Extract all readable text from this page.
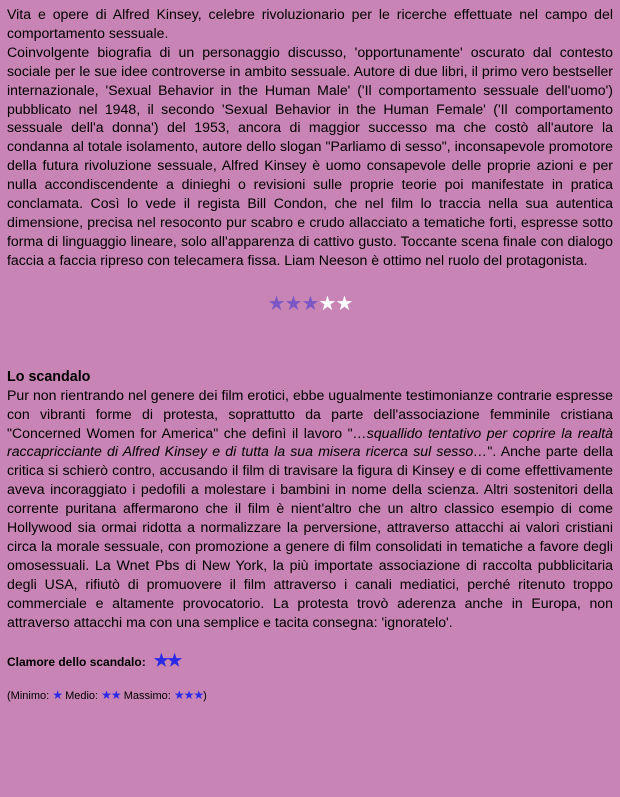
Vita e opere di Alfred Kinsey, celebre rivoluzionario per le ricerche effettuate nel campo del comportamento sessuale.

Coinvolgente biografia di un personaggio discusso, 'opportunamente' oscurato dal contesto sociale per le sue idee controverse in ambito sessuale. Autore di due libri, il primo vero bestseller internazionale, 'Sexual Behavior in the Human Male' ('Il comportamento sessuale dell'uomo') pubblicato nel 1948, il secondo 'Sexual Behavior in the Human Female' ('Il comportamento sessuale dell'a donna') del 1953, ancora di maggior successo ma che costò all'autore la condanna al totale isolamento, autore dello slogan "Parliamo di sesso", inconsapevole promotore della futura rivoluzione sessuale, Alfred Kinsey è uomo consapevole delle proprie azioni e per nulla accondiscendente a dinieghi o revisioni sulle proprie teorie poi manifestate in pratica conclamata. Così lo vede il regista Bill Condon, che nel film lo traccia nella sua autentica dimensione, precisa nel resoconto pur scabro e crudo allacciato a tematiche forti, espresse sotto forma di linguaggio lineare, solo all'apparenza di cattivo gusto. Toccante scena finale con dialogo faccia a faccia ripreso con telecamera fissa. Liam Neeson è ottimo nel ruolo del protagonista.

★★★★★
Lo scandalo

Pur non rientrando nel genere dei film erotici, ebbe ugualmente testimonianze contrarie espresse con vibranti forme di protesta, soprattutto da parte dell'associazione femminile cristiana "Concerned Women for America" che definì il lavoro "…squallido tentativo per coprire la realtà raccapricciante di Alfred Kinsey e di tutta la sua misera ricerca sul sesso…". Anche parte della critica si schierò contro, accusando il film di travisare la figura di Kinsey e di come effettivamente aveva incoraggiato i pedofili a molestare i bambini in nome della scienza. Altri sostenitori della corrente puritana affermarono che il film è nient'altro che un altro classico esempio di come Hollywood sia ormai ridotta a normalizzare la perversione, attraverso attacchi ai valori cristiani circa la morale sessuale, con promozione a genere di film consolidati in tematiche a favore degli omosessuali. La Wnet Pbs di New York, la più importate associazione di raccolta pubblicitaria degli USA, rifiutò di promuovere il film attraverso i canali mediatici, perché ritenuto troppo commerciale e altamente provocatorio. La protesta trovò aderenza anche in Europa, non attraverso attacchi ma con una semplice e tacita consegna: 'ignoratelo'.

Clamore dello scandalo: ★★
(Minimo: ★ Medio: ★★ Massimo: ★★★)
